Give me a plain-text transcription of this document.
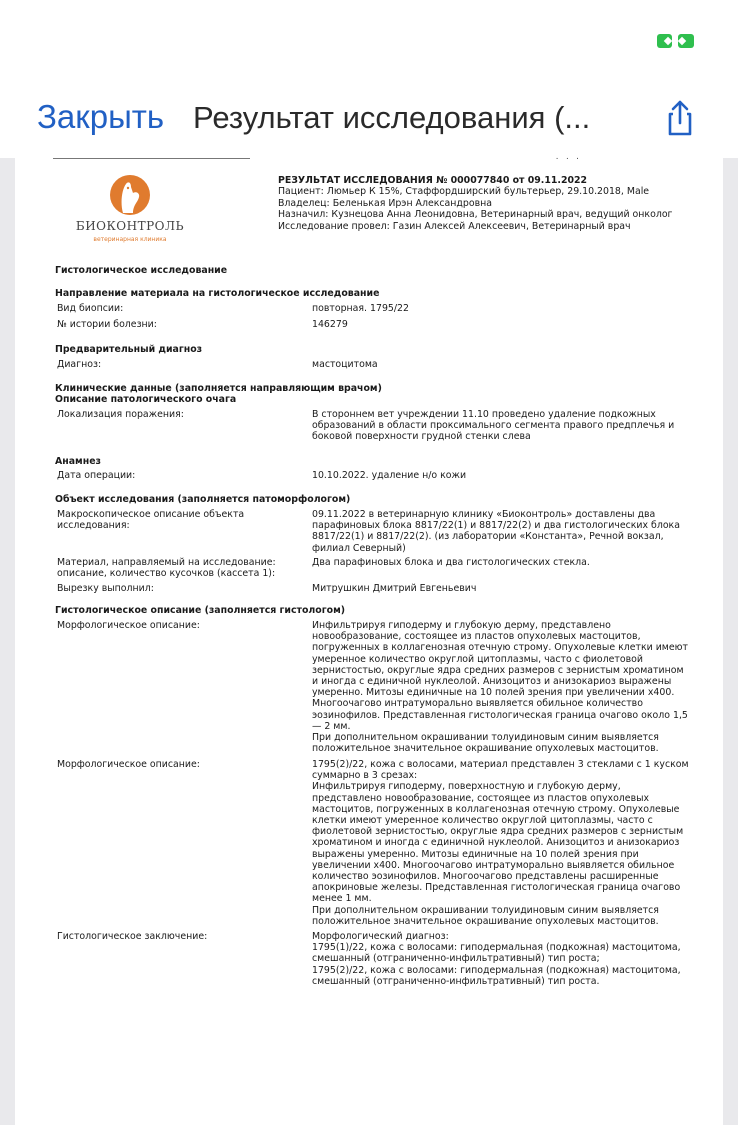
Закрыть Результат исследования (...
···
БИОКОНТРОЛЬ
ветеринарная клиника
РЕЗУЛЬТАТ ИССЛЕДОВАНИЯ № 000077840 от 09.11.2022
Пациент: Люмьер К 15%, Стаффордширский бультерьер, 29.10.2018, Male
Владелец: Беленькая Ирэн Александровна
Назначил: Кузнецова Анна Леонидовна, Ветеринарный врач, ведущий онколог
Исследование провел: Газин Алексей Алексеевич, Ветеринарный врач
Гистологическое исследование
Направление материала на гистологическое исследование
Вид биопсии:	повторная. 1795/22
№ истории болезни:	146279
Предварительный диагноз
Диагноз:	мастоцитома
Клинические данные (заполняется направляющим врачом)
Описание патологического очага
Локализация поражения:	В стороннем вет учреждении 11.10 проведено удаление подкожных образований в области проксимального сегмента правого предплечья и боковой поверхности грудной стенки слева
Анамнез
Дата операции:	10.10.2022. удаление н/о кожи
Объект исследования (заполняется патоморфологом)
Макроскопическое описание объекта исследования:
09.11.2022 в ветеринарную клинику «Биоконтроль» доставлены два парафиновых блока 8817/22(1) и 8817/22(2) и два гистологических блока 8817/22(1) и 8817/22(2). (из лаборатории «Константа», Речной вокзал, филиал Северный)
Материал, направляемый на исследование: описание, количество кусочков (кассета 1):
Два парафиновых блока и два гистологических стекла.
Вырезку выполнил:	Митрушкин Дмитрий Евгеньевич
Гистологическое описание (заполняется гистологом)
Морфологическое описание:	Инфильтрируя гиподерму и глубокую дерму, представлено новообразование, состоящее из пластов опухолевых мастоцитов, погруженных в коллагенозная отечную строму. Опухолевые клетки имеют умеренное количество округлой цитоплазмы, часто с фиолетовой зернистостью, округлые ядра средних размеров с зернистым хроматином и иногда с единичной нуклеолой. Анизоцитоз и анизокариоз выражены умеренно. Митозы единичные на 10 полей зрения при увеличении х400. Многоочагово интратуморально выявляется обильное количество эозинофилов. Представленная гистологическая граница очагово около 1,5 — 2 мм.
При дополнительном окрашивании толуидиновым синим выявляется положительное значительное окрашивание опухолевых мастоцитов.
Морфологическое описание:	1795(2)/22, кожа с волосами, материал представлен 3 стеклами с 1 куском суммарно в 3 срезах:
Инфильтрируя гиподерму, поверхностную и глубокую дерму, представлено новообразование, состоящее из пластов опухолевых мастоцитов, погруженных в коллагенозная отечную строму. Опухолевые клетки имеют умеренное количество округлой цитоплазмы, часто с фиолетовой зернистостью, округлые ядра средних размеров с зернистым хроматином и иногда с единичной нуклеолой. Анизоцитоз и анизокариоз выражены умеренно. Митозы единичные на 10 полей зрения при увеличении х400. Многоочагово интратуморально выявляется обильное количество эозинофилов. Многоочагово представлены расширенные апокриновые железы. Представленная гистологическая граница очагово менее 1 мм.
При дополнительном окрашивании толуидиновым синим выявляется положительное значительное окрашивание опухолевых мастоцитов.
Гистологическое заключение:	Морфологический диагноз:
1795(1)/22, кожа с волосами: гиподермальная (подкожная) мастоцитома, смешанный (отграниченно-инфильтративный) тип роста;
1795(2)/22, кожа с волосами: гиподермальная (подкожная) мастоцитома, смешанный (отграниченно-инфильтративный) тип роста.
